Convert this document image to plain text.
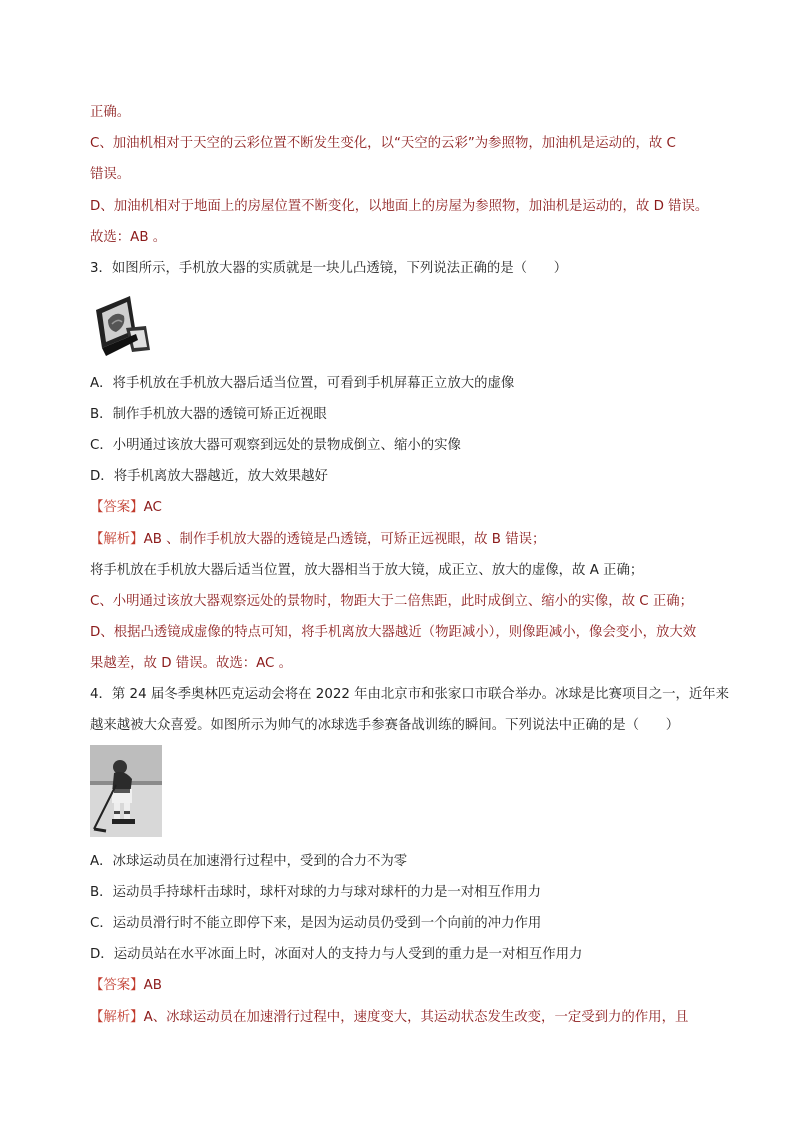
正确。
C、加油机相对于天空的云彩位置不断发生变化，以“天空的云彩”为参照物，加油机是运动的，故 C
错误。
D、加油机相对于地面上的房屋位置不断变化，以地面上的房屋为参照物，加油机是运动的，故 D 错误。
故选：AB 。
3．如图所示，手机放大器的实质就是一块儿凸透镜，下列说法正确的是（　　）
A．将手机放在手机放大器后适当位置，可看到手机屏幕正立放大的虚像
B．制作手机放大器的透镜可矫正近视眼
C．小明通过该放大器可观察到远处的景物成倒立、缩小的实像
D．将手机离放大器越近，放大效果越好
【答案】AC
【解析】AB 、制作手机放大器的透镜是凸透镜，可矫正远视眼，故 B 错误；
将手机放在手机放大器后适当位置，放大器相当于放大镜，成正立、放大的虚像，故 A 正确；
C、小明通过该放大器观察远处的景物时，物距大于二倍焦距，此时成倒立、缩小的实像，故 C 正确；
D、根据凸透镜成虚像的特点可知，将手机离放大器越近（物距减小），则像距减小，像会变小，放大效
果越差，故 D 错误。故选：AC 。
4．第 24 届冬季奥林匹克运动会将在 2022 年由北京市和张家口市联合举办。冰球是比赛项目之一，近年来
越来越被大众喜爱。如图所示为帅气的冰球选手参赛备战训练的瞬间。下列说法中正确的是（　　）
A．冰球运动员在加速滑行过程中，受到的合力不为零
B．运动员手持球杆击球时，球杆对球的力与球对球杆的力是一对相互作用力
C．运动员滑行时不能立即停下来，是因为运动员仍受到一个向前的冲力作用
D．运动员站在水平冰面上时，冰面对人的支持力与人受到的重力是一对相互作用力
【答案】AB
【解析】A、冰球运动员在加速滑行过程中，速度变大，其运动状态发生改变，一定受到力的作用，且
